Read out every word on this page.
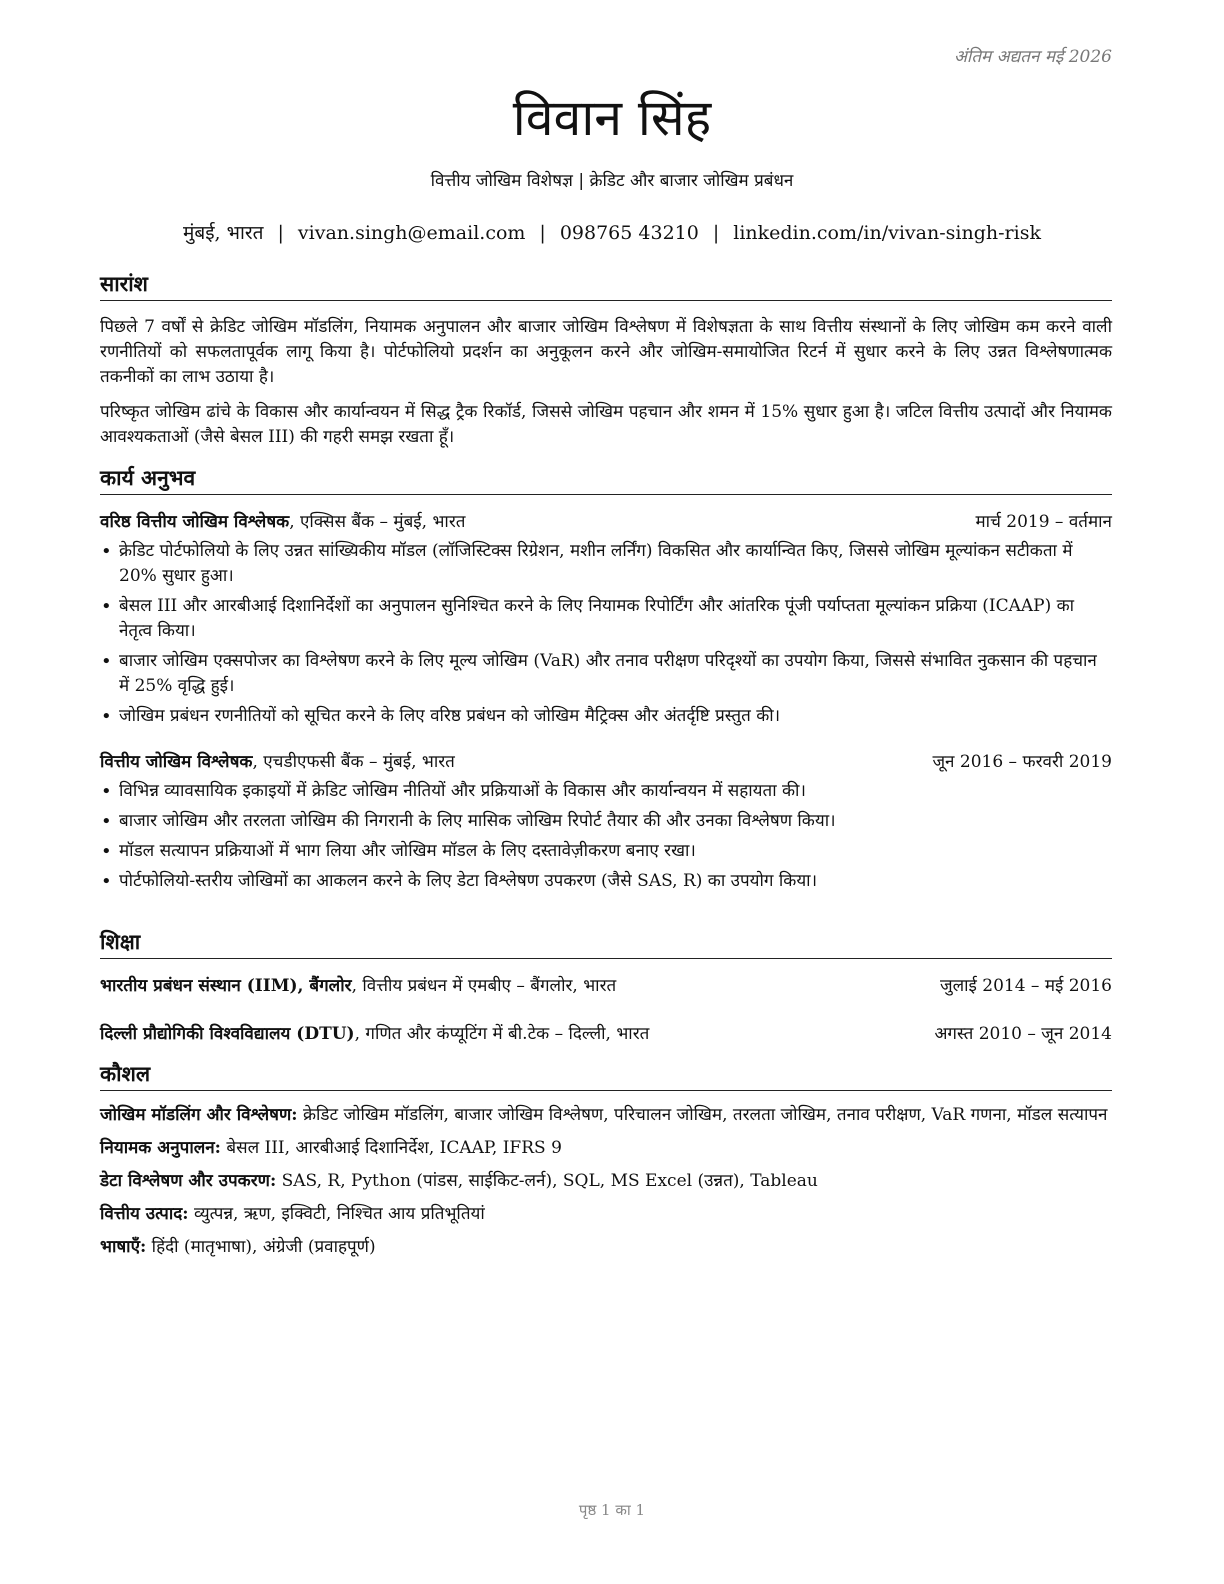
अंतिम अद्यतन मई 2026
विवान सिंह
वित्तीय जोखिम विशेषज्ञ | क्रेडिट और बाजार जोखिम प्रबंधन
मुंबई, भारत | vivan.singh@email.com | 098765 43210 | linkedin.com/in/vivan-singh-risk
सारांश

पिछले 7 वर्षों से क्रेडिट जोखिम मॉडलिंग, नियामक अनुपालन और बाजार जोखिम विश्लेषण में विशेषज्ञता के साथ वित्तीय संस्थानों के लिए जोखिम कम करने वाली रणनीतियों को सफलतापूर्वक लागू किया है। पोर्टफोलियो प्रदर्शन का अनुकूलन करने और जोखिम-समायोजित रिटर्न में सुधार करने के लिए उन्नत विश्लेषणात्मक तकनीकों का लाभ उठाया है।

परिष्कृत जोखिम ढांचे के विकास और कार्यान्वयन में सिद्ध ट्रैक रिकॉर्ड, जिससे जोखिम पहचान और शमन में 15% सुधार हुआ है। जटिल वित्तीय उत्पादों और नियामक आवश्यकताओं (जैसे बेसल III) की गहरी समझ रखता हूँ।

कार्य अनुभव
वरिष्ठ वित्तीय जोखिम विश्लेषक, एक्सिस बैंक – मुंबई, भारत	मार्च 2019 – वर्तमान
• क्रेडिट पोर्टफोलियो के लिए उन्नत सांख्यिकीय मॉडल (लॉजिस्टिक्स रिग्रेशन, मशीन लर्निंग) विकसित और कार्यान्वित किए, जिससे जोखिम मूल्यांकन सटीकता में 20% सुधार हुआ।
• बेसल III और आरबीआई दिशानिर्देशों का अनुपालन सुनिश्चित करने के लिए नियामक रिपोर्टिंग और आंतरिक पूंजी पर्याप्तता मूल्यांकन प्रक्रिया (ICAAP) का नेतृत्व किया।
• बाजार जोखिम एक्सपोजर का विश्लेषण करने के लिए मूल्य जोखिम (VaR) और तनाव परीक्षण परिदृश्यों का उपयोग किया, जिससे संभावित नुकसान की पहचान में 25% वृद्धि हुई।
• जोखिम प्रबंधन रणनीतियों को सूचित करने के लिए वरिष्ठ प्रबंधन को जोखिम मैट्रिक्स और अंतर्दृष्टि प्रस्तुत की।
वित्तीय जोखिम विश्लेषक, एचडीएफसी बैंक – मुंबई, भारत	जून 2016 – फरवरी 2019
• विभिन्न व्यावसायिक इकाइयों में क्रेडिट जोखिम नीतियों और प्रक्रियाओं के विकास और कार्यान्वयन में सहायता की।
• बाजार जोखिम और तरलता जोखिम की निगरानी के लिए मासिक जोखिम रिपोर्ट तैयार की और उनका विश्लेषण किया।
• मॉडल सत्यापन प्रक्रियाओं में भाग लिया और जोखिम मॉडल के लिए दस्तावेज़ीकरण बनाए रखा।
• पोर्टफोलियो-स्तरीय जोखिमों का आकलन करने के लिए डेटा विश्लेषण उपकरण (जैसे SAS, R) का उपयोग किया।
शिक्षा
भारतीय प्रबंधन संस्थान (IIM), बैंगलोर, वित्तीय प्रबंधन में एमबीए – बैंगलोर, भारत	जुलाई 2014 – मई 2016
दिल्ली प्रौद्योगिकी विश्वविद्यालय (DTU), गणित और कंप्यूटिंग में बी.टेक – दिल्ली, भारत	अगस्त 2010 – जून 2014
कौशल
जोखिम मॉडलिंग और विश्लेषण: क्रेडिट जोखिम मॉडलिंग, बाजार जोखिम विश्लेषण, परिचालन जोखिम, तरलता जोखिम, तनाव परीक्षण, VaR गणना, मॉडल सत्यापन
नियामक अनुपालन: बेसल III, आरबीआई दिशानिर्देश, ICAAP, IFRS 9
डेटा विश्लेषण और उपकरण: SAS, R, Python (पांडस, साईकिट-लर्न), SQL, MS Excel (उन्नत), Tableau
वित्तीय उत्पाद: व्युत्पन्न, ऋण, इक्विटी, निश्चित आय प्रतिभूतियां
भाषाएँ: हिंदी (मातृभाषा), अंग्रेजी (प्रवाहपूर्ण)
पृष्ठ 1 का 1
